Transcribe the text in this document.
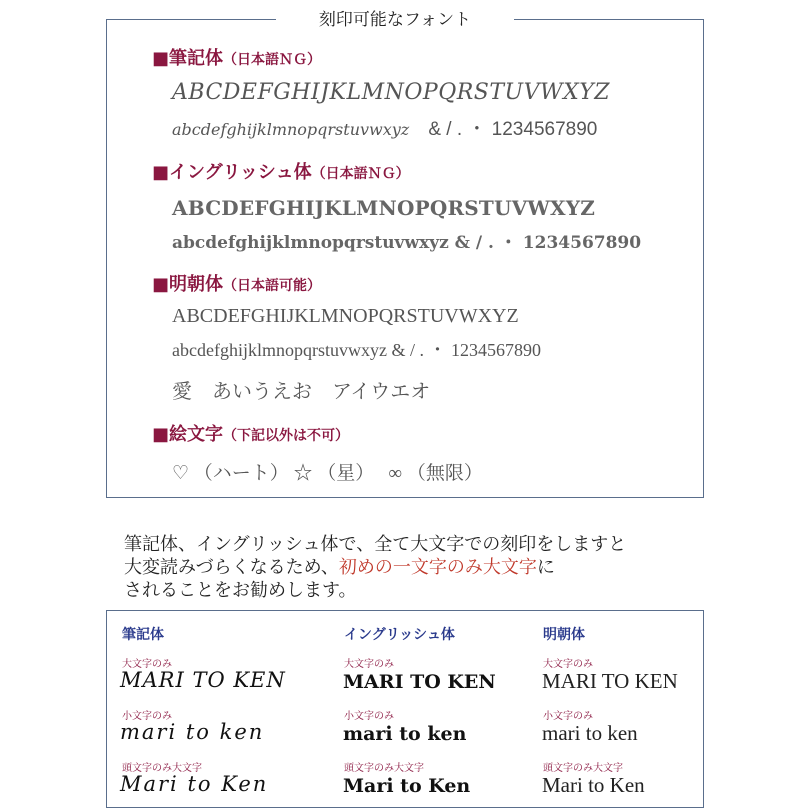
刻印可能なフォント
■筆記体（日本語ＮＧ）
ABCDEFGHIJKLMNOPQRSTUVWXYZ
abcdefghijklmnopqrstuvwxyz & / . ・ 1234567890
■イングリッシュ体（日本語ＮＧ）
ABCDEFGHIJKLMNOPQRSTUVWXYZ
abcdefghijklmnopqrstuvwxyz & / . ・ 1234567890
■明朝体（日本語可能）
ABCDEFGHIJKLMNOPQRSTUVWXYZ
abcdefghijklmnopqrstuvwxyz & / . ・ 1234567890
愛　あいうえお　アイウエオ
■絵文字（下記以外は不可）
♡ （ハート） ☆ （星）　 ∞ （無限）
筆記体、イングリッシュ体で、全て大文字での刻印をしますと
大変読みづらくなるため、初めの一文字のみ大文字に
されることをお勧めします。
筆記体
大文字のみ
MARI TO KEN
小文字のみ
mari to ken
頭文字のみ大文字
Mari to Ken
イングリッシュ体
大文字のみ
MARI TO KEN
小文字のみ
mari to ken
頭文字のみ大文字
Mari to Ken
明朝体
大文字のみ
MARI TO KEN
小文字のみ
mari to ken
頭文字のみ大文字
Mari to Ken
